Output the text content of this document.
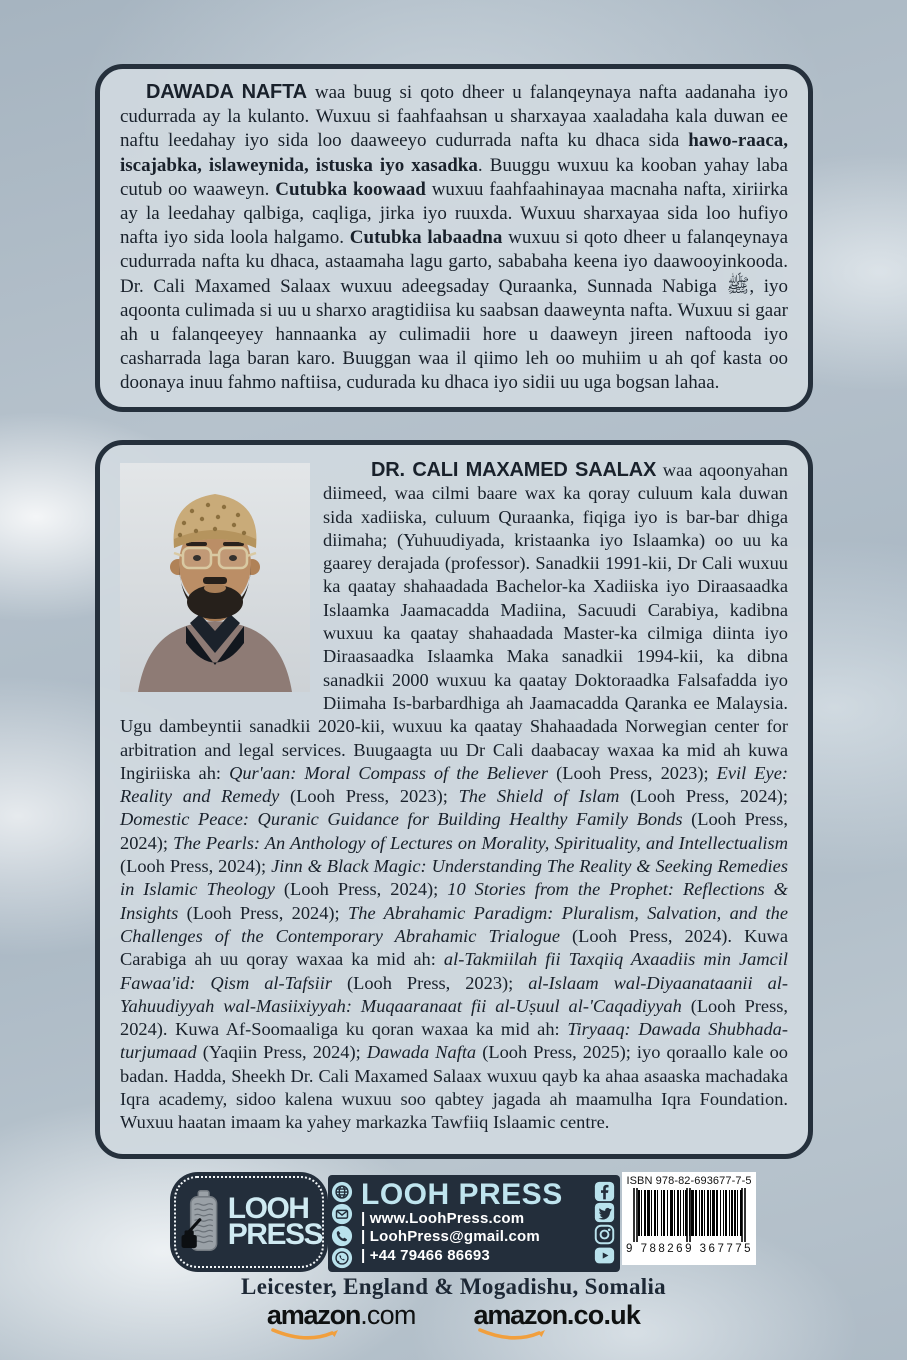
DAWADA NAFTA waa buug si qoto dheer u falanqeynaya nafta aadanaha iyo cudurrada ay la kulanto. Wuxuu si faahfaahsan u sharxayaa xaaladaha kala duwan ee naftu leedahay iyo sida loo daaweeyo cudurrada nafta ku dhaca sida hawo-raaca, iscajabka, islaweynida, istuska iyo xasadka. Buuggu wuxuu ka kooban yahay laba cutub oo waaweyn. Cutubka koowaad wuxuu faahfaahinayaa macnaha nafta, xiriirka ay la leedahay qalbiga, caqliga, jirka iyo ruuxda. Wuxuu sharxayaa sida loo hufiyo nafta iyo sida loola halgamo. Cutubka labaadna wuxuu si qoto dheer u falanqeynaya cudurrada nafta ku dhaca, astaamaha lagu garto, sababaha keena iyo daawooyinkooda. Dr. Cali Maxamed Salaax wuxuu adeegsaday Quraanka, Sunnada Nabiga ﷺ, iyo aqoonta culimada si uu u sharxo aragtidiisa ku saabsan daaweynta nafta. Wuxuu si gaar ah u falanqeeyey hannaanka ay culimadii hore u daaweyn jireen naftooda iyo casharrada laga baran karo. Buuggan waa il qiimo leh oo muhiim u ah qof kasta oo doonaya inuu fahmo naftiisa, cudurada ku dhaca iyo sidii uu uga bogsan lahaa.

DR. CALI MAXAMED SAALAX waa aqoonyahan diimeed, waa cilmi baare wax ka qoray culuum kala duwan sida xadiiska, culuum Quraanka, fiqiga iyo is bar-bar dhiga diimaha; (Yuhuudiyada, kristaanka iyo Islaamka) oo uu ka gaarey derajada (professor). Sanadkii 1991-kii, Dr Cali wuxuu ka qaatay shahaadada Bachelor-ka Xadiiska iyo Diraasaadka Islaamka Jaamacadda Madiina, Sacuudi Carabiya, kadibna wuxuu ka qaatay shahaadada Master-ka cilmiga diinta iyo Diraasaadka Islaamka Maka sanadkii 1994-kii, ka dibna sanadkii 2000 wuxuu ka qaatay Doktoraadka Falsafadda iyo Diimaha Is-barbardhiga ah Jaamacadda Qaranka ee Malaysia. Ugu dambeyntii sanadkii 2020-kii, wuxuu ka qaatay Shahaadada Norwegian center for arbitration and legal services. Buugaagta uu Dr Cali daabacay waxaa ka mid ah kuwa Ingiriiska ah: Qur'aan: Moral Compass of the Believer (Looh Press, 2023); Evil Eye: Reality and Remedy (Looh Press, 2023); The Shield of Islam (Looh Press, 2024); Domestic Peace: Quranic Guidance for Building Healthy Family Bonds (Looh Press, 2024); The Pearls: An Anthology of Lectures on Morality, Spirituality, and Intellectualism (Looh Press, 2024); Jinn & Black Magic: Understanding The Reality & Seeking Remedies in Islamic Theology (Looh Press, 2024); 10 Stories from the Prophet: Reflections & Insights (Looh Press, 2024); The Abrahamic Paradigm: Pluralism, Salvation, and the Challenges of the Contemporary Abrahamic Trialogue (Looh Press, 2024). Kuwa Carabiga ah uu qoray waxaa ka mid ah: al-Takmiilah fii Taxqiiq Axaadiis min Jamcil Fawaa'id: Qism al-Tafsiir (Looh Press, 2023); al-Islaam wal-Diyaanataanii al-Yahuudiyyah wal-Masiixiyyah: Muqaaranaat fii al-Uṣuul al-'Caqadiyyah (Looh Press, 2024). Kuwa Af-Soomaaliga ku qoran waxaa ka mid ah: Tiryaaq: Dawada Shubhada-turjumaad (Yaqiin Press, 2024); Dawada Nafta (Looh Press, 2025); iyo qoraallo kale oo badan. Hadda, Sheekh Dr. Cali Maxamed Salaax wuxuu qayb ka ahaa asaaska machadaka Iqra academy, sidoo kalena wuxuu soo qabtey jagada ah maamulha Iqra Foundation. Wuxuu haatan imaam ka yahey markazka Tawfiiq Islaamic centre.

LOOH
PRESS
LOOH PRESS
| www.LoohPress.com
| LoohPress@gmail.com
| +44 79466 86693
ISBN 978-82-693677-7-5
9 788269 367775
Leicester, England & Mogadishu, Somalia
amazon.com amazon.co.uk
